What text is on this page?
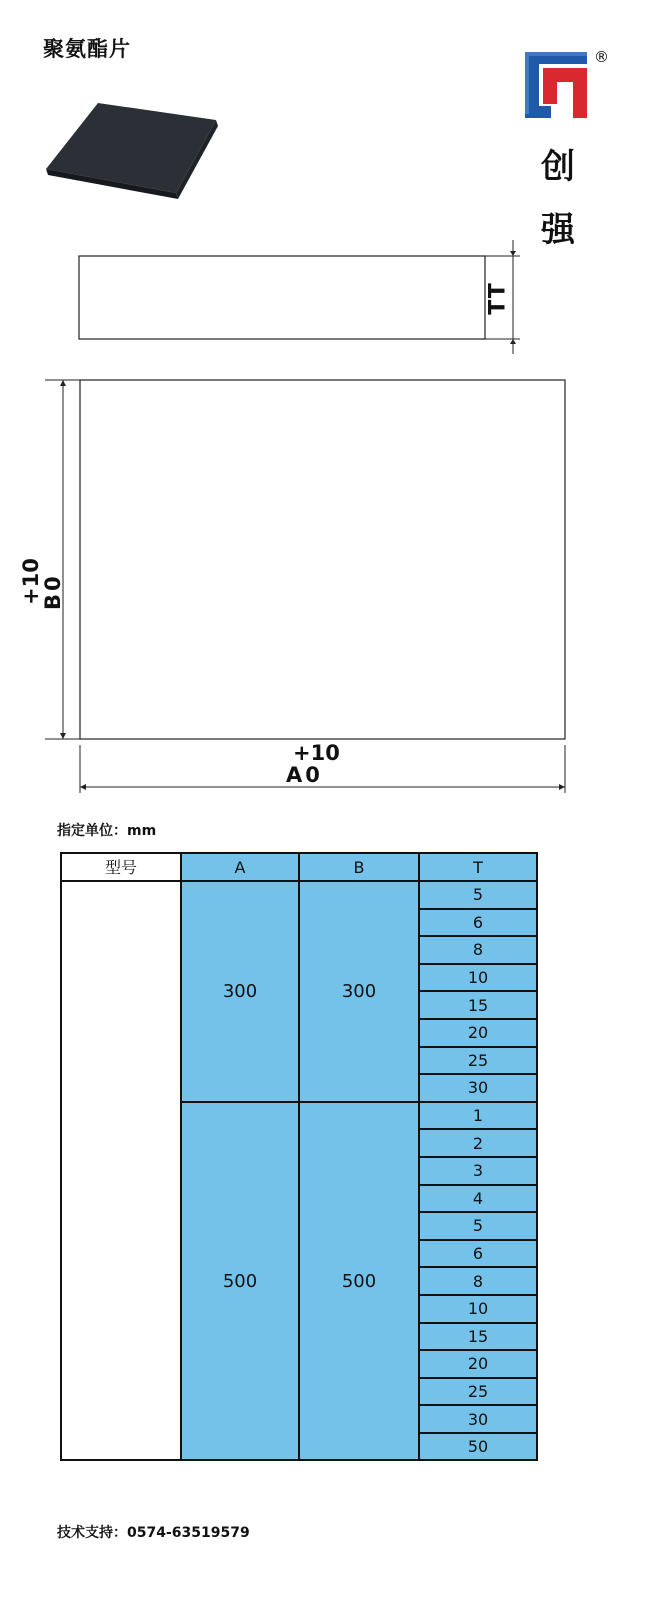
聚氨酯片	®
创
强
TT
+10
B0
+10
A0
指定单位：mm
型号	A	B	T
	300	300	5
			6
			8
			10
			15
			20
			25
			30
	500	500	1
			2
			3
			4
			5
			6
			8
			10
			15
			20
			25
			30
			50
技术支持：0574-63519579
